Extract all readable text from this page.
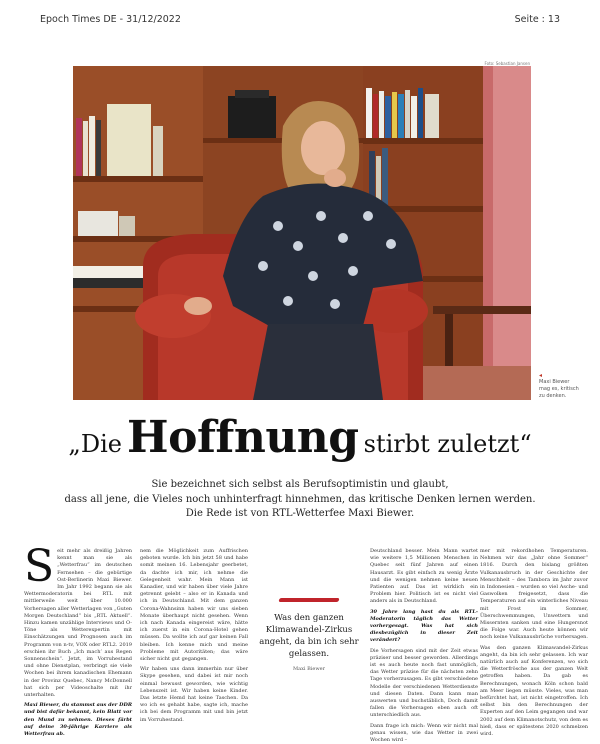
Epoch Times DE - 31/12/2022	Seite : 13
Foto: Sebastian Jansen
◂
Maxi Biewer mag es, kritisch zu denken.
„Die Hoffnung stirbt zuletzt“
Sie bezeichnet sich selbst als Berufsoptimistin und glaubt,
dass all jene, die Vieles noch unhinterfragt hinnehmen, das kritische Denken lernen werden.
Die Rede ist von RTL-Wetterfee Maxi Biewer.

Seit mehr als dreißig Jahren kennt man sie als „Wetterfrau“ im deutschen Fernsehen – die gebürtige Ost-Berlinerin Maxi Biewer. Im Jahr 1992 begann sie als Wettermoderatorin bei RTL mit mittlerweile weit über 10.000 Vorhersagen aller Wetterlagen von „Guten Morgen Deutschland“ bis „RTL Aktuell“. Hinzu kamen unzählige Interviews und O-Töne als Wetterexpertin mit Einschätzungen und Prognosen auch im Programm von n-tv, VOX oder RTL2. 2019 erschien ihr Buch „Ich mach’ aus Regen Sonnenschein“. Jetzt, im Vorruhestand und ohne Dienstplan, verbringt sie viele Wochen bei ihrem kanadischen Ehemann in der Provinz Quebec, Nancy McDonnell hat sich per Videoschalte mit ihr unterhalten.

Maxi Biewer, du stammst aus der DDR und bist dafür bekannt, kein Blatt vor den Mund zu nehmen. Dieses färbt auf deine 30-jährige Karriere als Wetterfrau ab.

nem die Möglichkeit zum Auffrischen geboten wurde. Ich bin jetzt 58 und habe somit meinen 16. Lebensjahr geerbetet, da dachte ich mir, ich nehme die Gelegenheit wahr. Mein Mann ist Kanadier, und wir haben über viele Jahre getrennt gelebt – also er in Kanada und ich in Deutschland. Mit dem ganzen Corona-Wahnsinn haben wir uns sieben Monate überhaupt nicht gesehen. Wenn ich nach Kanada eingereist wäre, hätte ich zuerst in ein Corona-Hotel gehen müssen. Da wollte ich auf gar keinen Fall bleiben. Ich kenne mich und meine Probleme mit Autoritäten; das wäre sicher nicht gut gegangen.

Wir haben uns dann immerhin nur über Skype gesehen, und dabei ist mir noch einmal bewusst geworden, wie wichtig Lebenszeit ist. Wir haben keine Kinder. Das letzte Hemd hat keine Taschen. Da wo ich es gehabt habe, sagte ich, mache ich bei dem Programm mit und bin jetzt im Vorruhestand.

Was den ganzen Klimawandel-Zirkus angeht, da bin ich sehr gelassen.
Maxi Biewer

Deutschland besser. Mein Mann wartet wie weitere 1,5 Millionen Menschen in Quebec seit fünf Jahren auf einen Hausarzt. Es gibt einfach zu wenig Ärzte und die wenigen nehmen keine neuen Patienten auf. Das ist wirklich ein Problem hier. Politisch ist es nicht viel anders als in Deutschland.

30 Jahre lang hast du als RTL-Moderatorin täglich das Wetter vorhergesagt. Was hat sich diesbezüglich in dieser Zeit verändert?

Die Vorhersagen sind mit der Zeit etwas präziser und besser geworden. Allerdings ist es auch heute noch fast unmöglich, das Wetter präzise für die nächsten zehn Tage vorherzusagen. Es gibt verschiedene Modelle der verschiedenen Wetterdienste und diesen Daten. Dann kann man auswerten und buchstäblich, Doch damit fallen die Vorhersagen eben auch oft unterschiedlich aus.

Dann frage ich mich: Wenn wir nicht mal genau wissen, wie das Wetter in zwei Wochen wird –

mer mit rekordhohen Temperaturen. Nehmen wir das „Jahr ohne Sommer“ 1816. Durch den bislang größten Vulkanausbruch in der Geschichte der Menschheit – des Tambora im Jahr zuvor in Indonesien – wurden so viel Asche- und Gaswolken freigesetzt, dass die Temperaturen auf ein winterliches Niveau mit Frost im Sommer, Überschwemmungen, Unwettern und Missernten sanken und eine Hungersnot die Folge war. Auch heute können wir noch keine Vulkanausbrüche vorhersagen.

Was den ganzen Klimawandel-Zirkus angeht, da bin ich sehr gelassen. Ich war natürlich auch auf Konferenzen, wo sich die Wetterfrösche aus der ganzen Welt getroffen haben. Da gab es Berechnungen, wonach Köln schon bald am Meer liegen müsste. Vieles, was man befürchtet hat, ist nicht eingetroffen. Ich selbst bin den Berechnungen der Experten auf den Leim gegangen und war 2002 auf dem Klimanotschutz, von dem es hieß, dass er spätestens 2020 schmelzen wird.
